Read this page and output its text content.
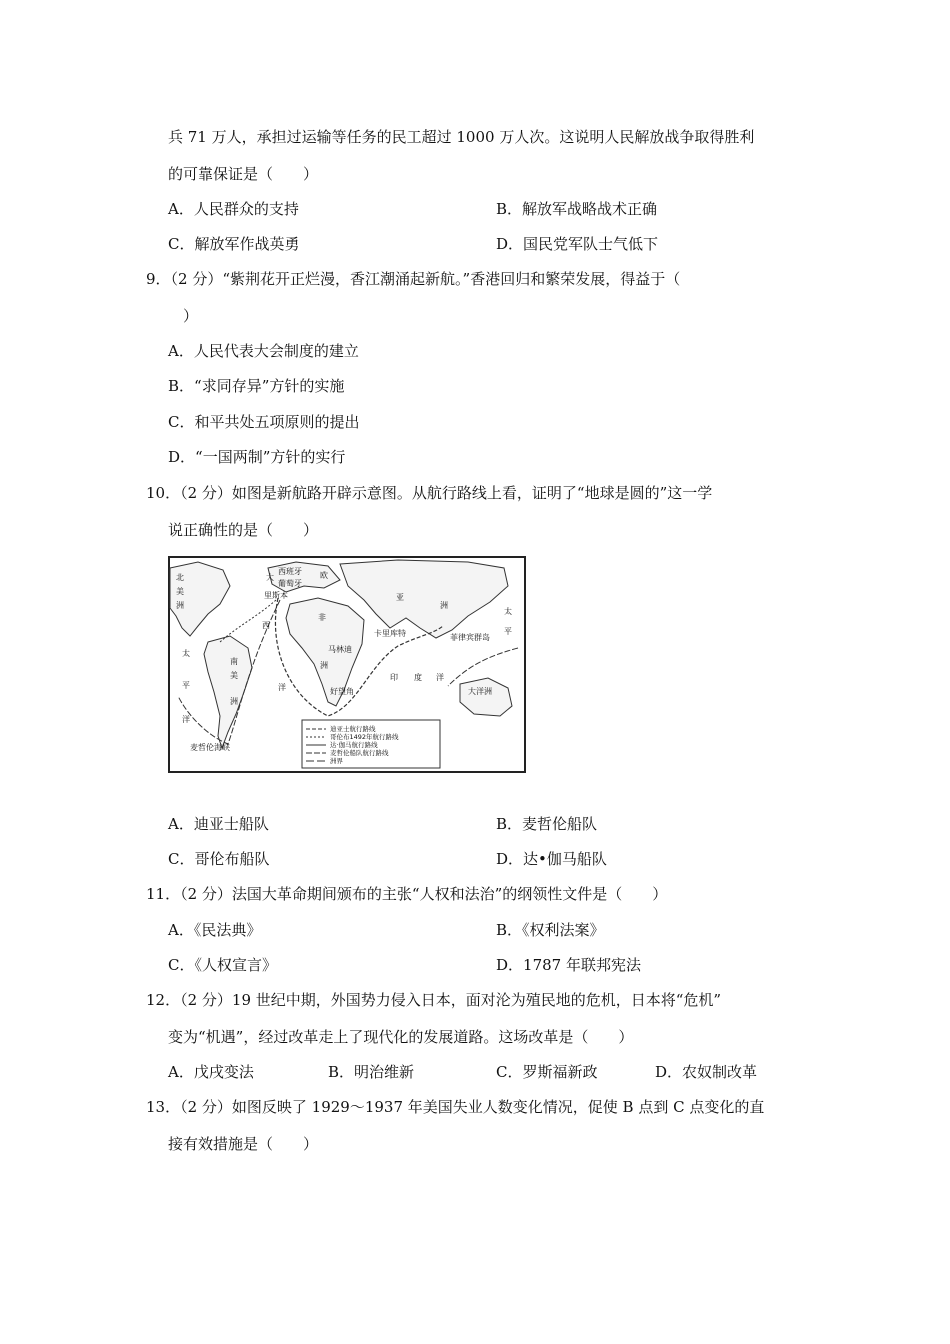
兵 71 万人，承担过运输等任务的民工超过 1000 万人次。这说明人民解放战争取得胜利
的可靠保证是（　　）
A．人民群众的支持	B．解放军战略战术正确
C．解放军作战英勇	D．国民党军队士气低下
9．（2 分）“紫荆花开正烂漫，香江潮涌起新航。”香港回归和繁荣发展，得益于（
）
A．人民代表大会制度的建立
B．“求同存异”方针的实施
C．和平共处五项原则的提出
D．“一国两制”方针的实行
10．（2 分）如图是新航路开辟示意图。从航行路线上看，证明了“地球是圆的”这一学
说正确性的是（　　）
北
美
洲
大
西班牙
葡萄牙
里斯本
欧
亚
洲
太
平
西
非
洲
卡里库特	菲律宾群岛
马林迪
南
美
洲
太
平
洋
洋
印 度 洋
好望角
麦哲伦海峡
大洋洲
迪亚士航行路线
哥伦布1492年航行路线
达·伽马航行路线
麦哲伦船队航行路线
洲界
A．迪亚士船队	B．麦哲伦船队
C．哥伦布船队	D．达•伽马船队
11．（2 分）法国大革命期间颁布的主张“人权和法治”的纲领性文件是（　　）
A．《民法典》	B．《权利法案》
C．《人权宣言》	D．1787 年联邦宪法
12．（2 分）19 世纪中期，外国势力侵入日本，面对沦为殖民地的危机，日本将“危机”
变为“机遇”，经过改革走上了现代化的发展道路。这场改革是（　　）
A．戊戌变法	B．明治维新	C．罗斯福新政	D．农奴制改革
13．（2 分）如图反映了 1929～1937 年美国失业人数变化情况，促使 B 点到 C 点变化的直
接有效措施是（　　）
